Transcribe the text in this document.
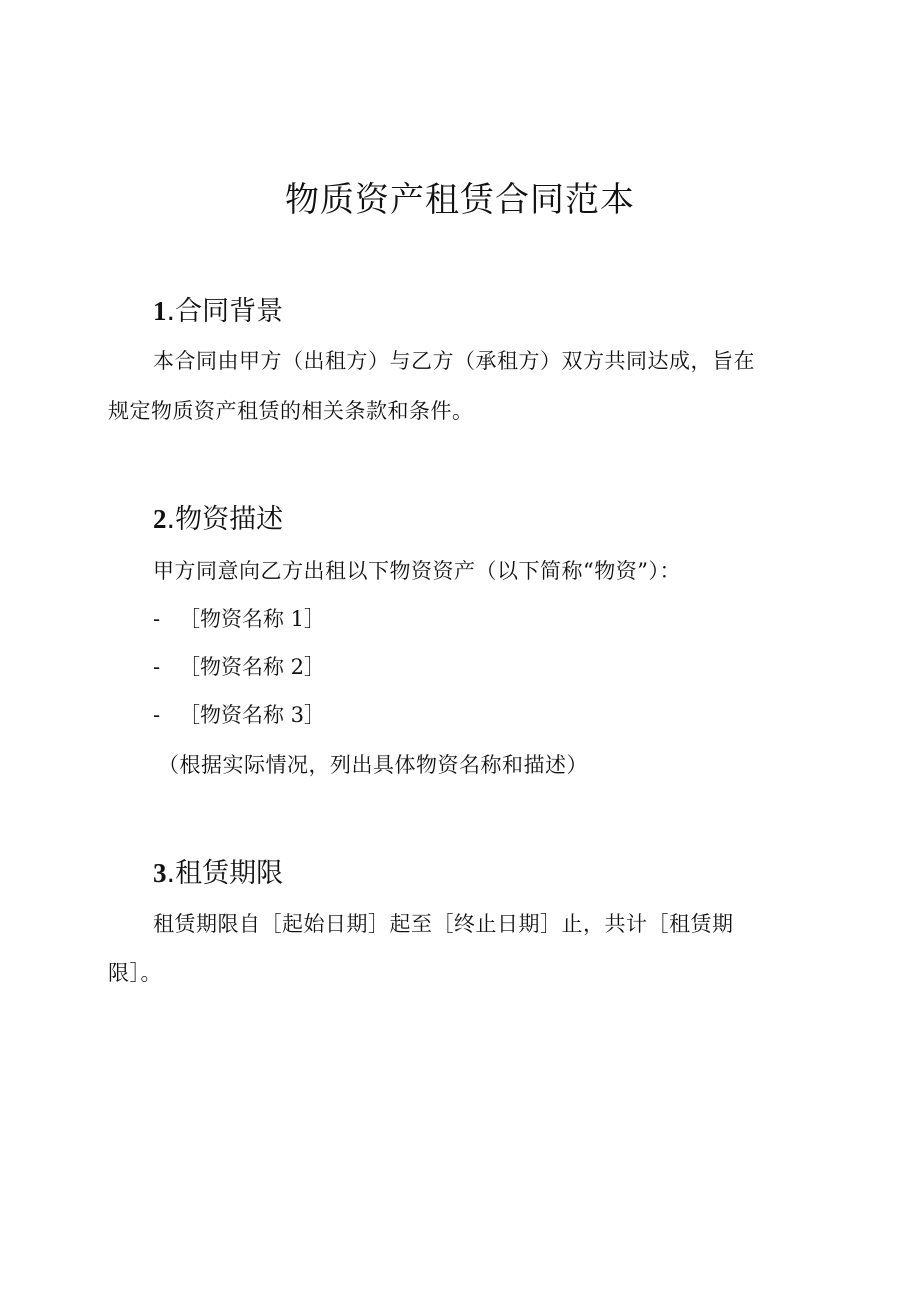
物质资产租赁合同范本
1.合同背景

本合同由甲方（出租方）与乙方（承租方）双方共同达成，旨在

规定物质资产租赁的相关条款和条件。

2.物资描述

甲方同意向乙方出租以下物资资产（以下简称“物资”）：

- ［物资名称 1］

- ［物资名称 2］

- ［物资名称 3］

（根据实际情况，列出具体物资名称和描述）

3.租赁期限

租赁期限自［起始日期］起至［终止日期］止，共计［租赁期

限］。
